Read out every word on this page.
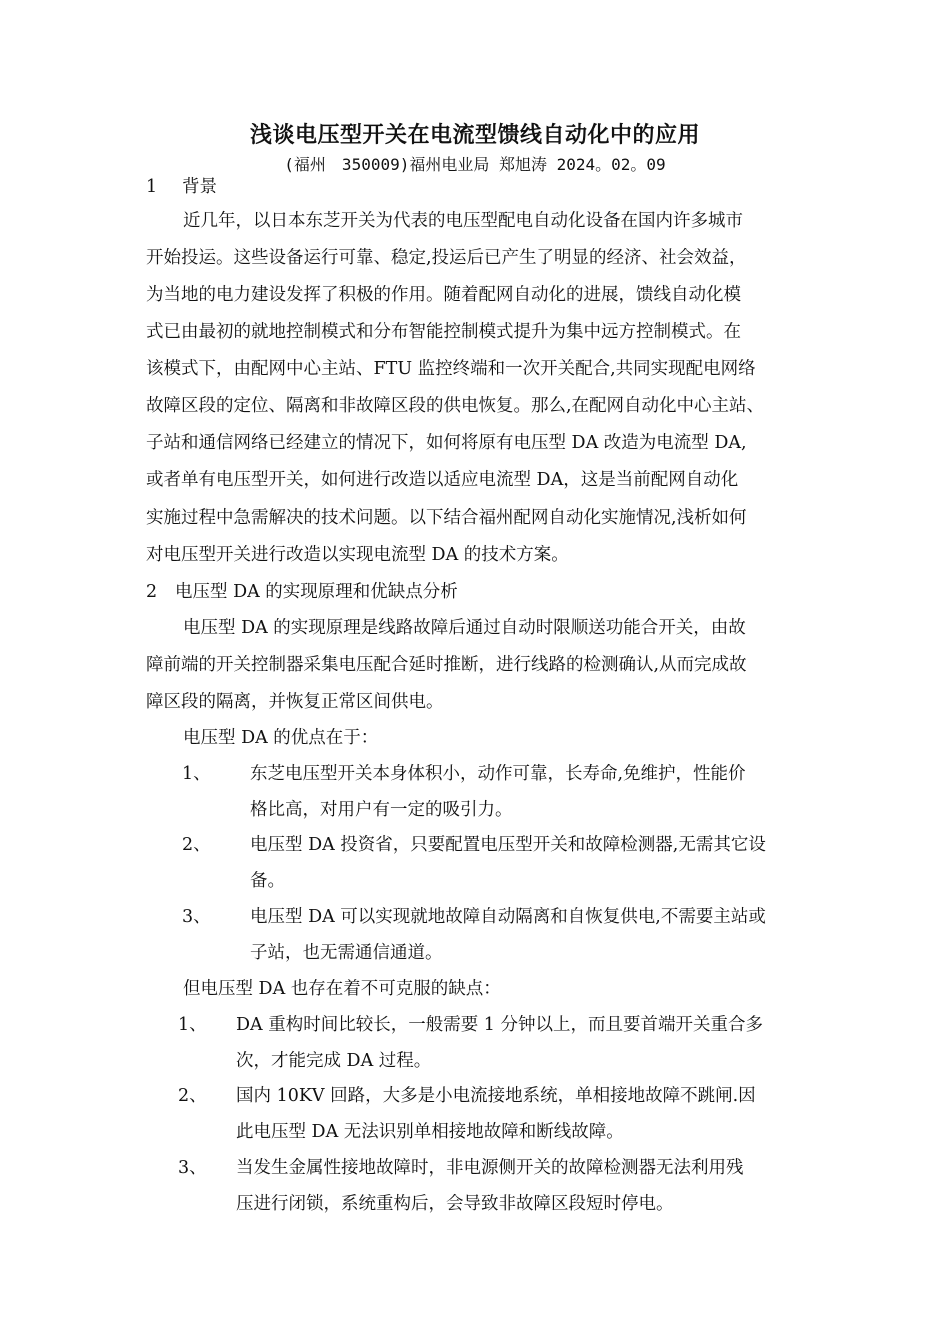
浅谈电压型开关在电流型馈线自动化中的应用
(福州　350009)福州电业局 郑旭涛 2024。02。09
1 背景
近几年，以日本东芝开关为代表的电压型配电自动化设备在国内许多城市
开始投运。这些设备运行可靠、稳定,投运后已产生了明显的经济、社会效益，
为当地的电力建设发挥了积极的作用。随着配网自动化的进展，馈线自动化模
式已由最初的就地控制模式和分布智能控制模式提升为集中远方控制模式。在
该模式下，由配网中心主站、FTU 监控终端和一次开关配合,共同实现配电网络
故障区段的定位、隔离和非故障区段的供电恢复。那么,在配网自动化中心主站、
子站和通信网络已经建立的情况下，如何将原有电压型 DA 改造为电流型 DA,
或者单有电压型开关，如何进行改造以适应电流型 DA，这是当前配网自动化
实施过程中急需解决的技术问题。以下结合福州配网自动化实施情况,浅析如何
对电压型开关进行改造以实现电流型 DA 的技术方案。
2 电压型 DA 的实现原理和优缺点分析
电压型 DA 的实现原理是线路故障后通过自动时限顺送功能合开关，由故
障前端的开关控制器采集电压配合延时推断，进行线路的检测确认,从而完成故
障区段的隔离，并恢复正常区间供电。
电压型 DA 的优点在于：
1、 东芝电压型开关本身体积小，动作可靠，长寿命,免维护，性能价
格比高，对用户有一定的吸引力。
2、 电压型 DA 投资省，只要配置电压型开关和故障检测器,无需其它设
备。
3、 电压型 DA 可以实现就地故障自动隔离和自恢复供电,不需要主站或
子站，也无需通信通道。
但电压型 DA 也存在着不可克服的缺点：
1、 DA 重构时间比较长，一般需要 1 分钟以上，而且要首端开关重合多
次，才能完成 DA 过程。
2、 国内 10KV 回路，大多是小电流接地系统，单相接地故障不跳闸.因
此电压型 DA 无法识别单相接地故障和断线故障。
3、 当发生金属性接地故障时，非电源侧开关的故障检测器无法利用残
压进行闭锁，系统重构后，会导致非故障区段短时停电。
